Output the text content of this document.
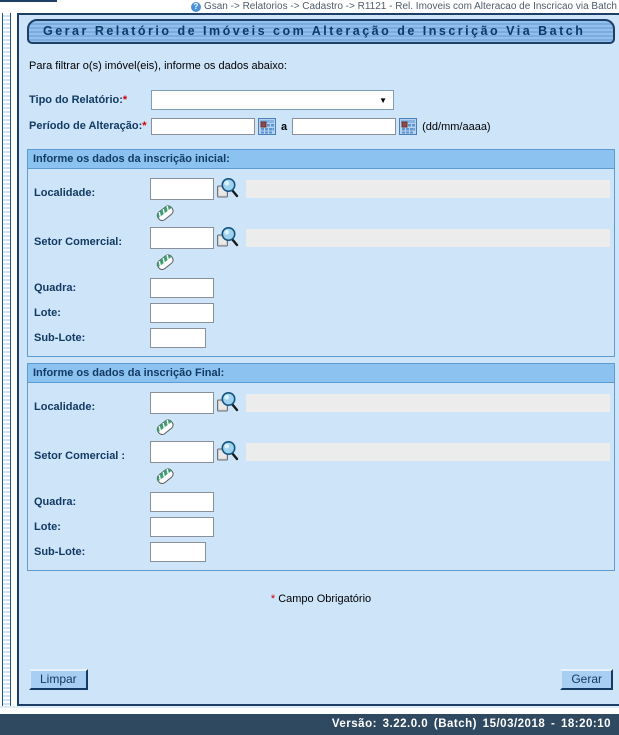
? Gsan -> Relatorios -> Cadastro -> R1121 - Rel. Imoveis com Alteracao de Inscricao via Batch
Gerar Relatório de Imóveis com Alteração de Inscrição Via Batch
Para filtrar o(s) imóvel(eis), informe os dados abaixo:
Tipo do Relatório:*	▼
Período de Alteração:*	a	(dd/mm/aaaa)
Informe os dados da inscrição inicial:
Localidade:
Setor Comercial:
Quadra:
Lote:
Sub-Lote:
Informe os dados da inscrição Final:
Localidade:
Setor Comercial :
Quadra:
Lote:
Sub-Lote:
* Campo Obrigatório
Limpar	Gerar
Versão: 3.22.0.0 (Batch) 15/03/2018 - 18:20:10
